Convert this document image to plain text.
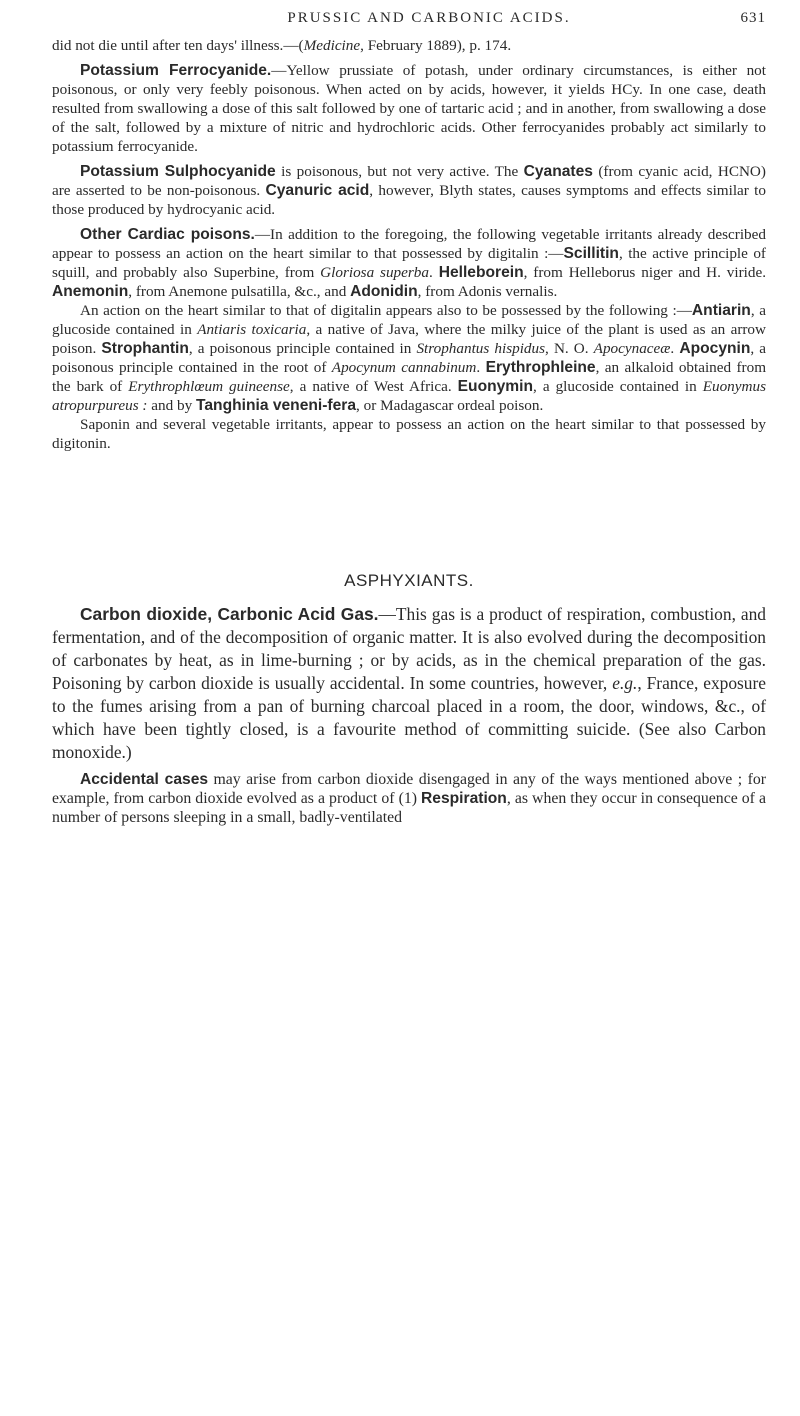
PRUSSIC AND CARBONIC ACIDS.	631

did not die until after ten days' illness.—(Medicine, February 1889), p. 174.

Potassium Ferrocyanide.—Yellow prussiate of potash, under ordinary circumstances, is either not poisonous, or only very feebly poisonous. When acted on by acids, however, it yields HCy. In one case, death resulted from swallowing a dose of this salt followed by one of tartaric acid ; and in another, from swallowing a dose of the salt, followed by a mixture of nitric and hydrochloric acids. Other ferrocyanides probably act similarly to potassium ferrocyanide.

Potassium Sulphocyanide is poisonous, but not very active. The Cyanates (from cyanic acid, HCNO) are asserted to be non-poisonous. Cyanuric acid, however, Blyth states, causes symptoms and effects similar to those produced by hydrocyanic acid.

Other Cardiac poisons.—In addition to the foregoing, the following vegetable irritants already described appear to possess an action on the heart similar to that possessed by digitalin :—Scillitin, the active principle of squill, and probably also Superbine, from Gloriosa superba. Helleborein, from Helleborus niger and H. viride. Anemonin, from Anemone pulsatilla, &c., and Adonidin, from Adonis vernalis.

An action on the heart similar to that of digitalin appears also to be possessed by the following :—Antiarin, a glucoside contained in Antiaris toxicaria, a native of Java, where the milky juice of the plant is used as an arrow poison. Strophantin, a poisonous principle contained in Strophantus hispidus, N. O. Apocynaceæ. Apocynin, a poisonous principle contained in the root of Apocynum cannabinum. Erythrophleine, an alkaloid obtained from the bark of Erythrophlœum guineense, a native of West Africa. Euonymin, a glucoside contained in Euonymus atropurpureus : and by Tanghinia veneni-fera, or Madagascar ordeal poison.

Saponin and several vegetable irritants, appear to possess an action on the heart similar to that possessed by digitonin.

ASPHYXIANTS.

Carbon dioxide, Carbonic Acid Gas.—This gas is a product of respiration, combustion, and fermentation, and of the decomposition of organic matter. It is also evolved during the decomposition of carbonates by heat, as in lime-burning ; or by acids, as in the chemical preparation of the gas. Poisoning by carbon dioxide is usually accidental. In some countries, however, e.g., France, exposure to the fumes arising from a pan of burning charcoal placed in a room, the door, windows, &c., of which have been tightly closed, is a favourite method of committing suicide. (See also Carbon monoxide.)

Accidental cases may arise from carbon dioxide disengaged in any of the ways mentioned above ; for example, from carbon dioxide evolved as a product of (1) Respiration, as when they occur in consequence of a number of persons sleeping in a small, badly-ventilated
